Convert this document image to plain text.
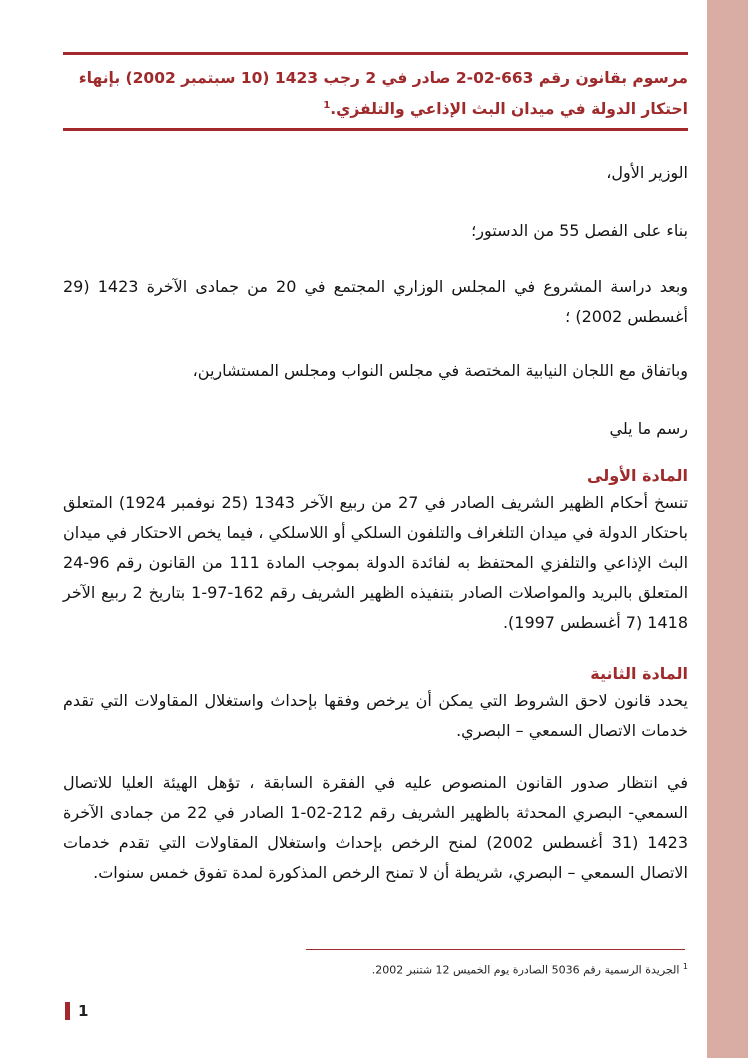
مرسوم بقانون رقم 663-02-2 صادر في 2 رجب 1423 (10 سبتمبر 2002) بإنهاء احتكار الدولة في ميدان البث الإذاعي والتلفزي.$^1$
الوزير الأول،
بناء على الفصل 55 من الدستور؛
وبعد دراسة المشروع في المجلس الوزاري المجتمع في 20 من جمادى الآخرة 1423 (29 أغسطس 2002) ؛
وباتفاق مع اللجان النيابية المختصة في مجلس النواب ومجلس المستشارين،
رسم ما يلي
المادة الأولى
تنسخ أحكام الظهير الشريف الصادر في 27 من ربيع الآخر 1343 (25 نوفمبر 1924) المتعلق باحتكار الدولة في ميدان التلغراف والتلفون السلكي أو اللاسلكي ، فيما يخص الاحتكار في ميدان البث الإذاعي والتلفزي المحتفظ به لفائدة الدولة بموجب المادة 111 من القانون رقم 96-24 المتعلق بالبريد والمواصلات الصادر بتنفيذه الظهير الشريف رقم 162-97-1 بتاريخ 2 ربيع الآخر 1418 (7 أغسطس 1997).
المادة الثانية
يحدد قانون لاحق الشروط التي يمكن أن يرخص وفقها بإحداث واستغلال المقاولات التي تقدم خدمات الاتصال السمعي – البصري.
في انتظار صدور القانون المنصوص عليه في الفقرة السابقة ، تؤهل الهيئة العليا للاتصال السمعي- البصري المحدثة بالظهير الشريف رقم 212-02-1 الصادر في 22 من جمادى الآخرة 1423 (31 أغسطس 2002) لمنح الرخص بإحداث واستغلال المقاولات التي تقدم خدمات الاتصال السمعي – البصري، شريطة أن لا تمنح الرخص المذكورة لمدة تفوق خمس سنوات.
$^1$ الجريدة الرسمية رقم 5036 الصادرة يوم الخميس 12 شتنبر 2002.
1
